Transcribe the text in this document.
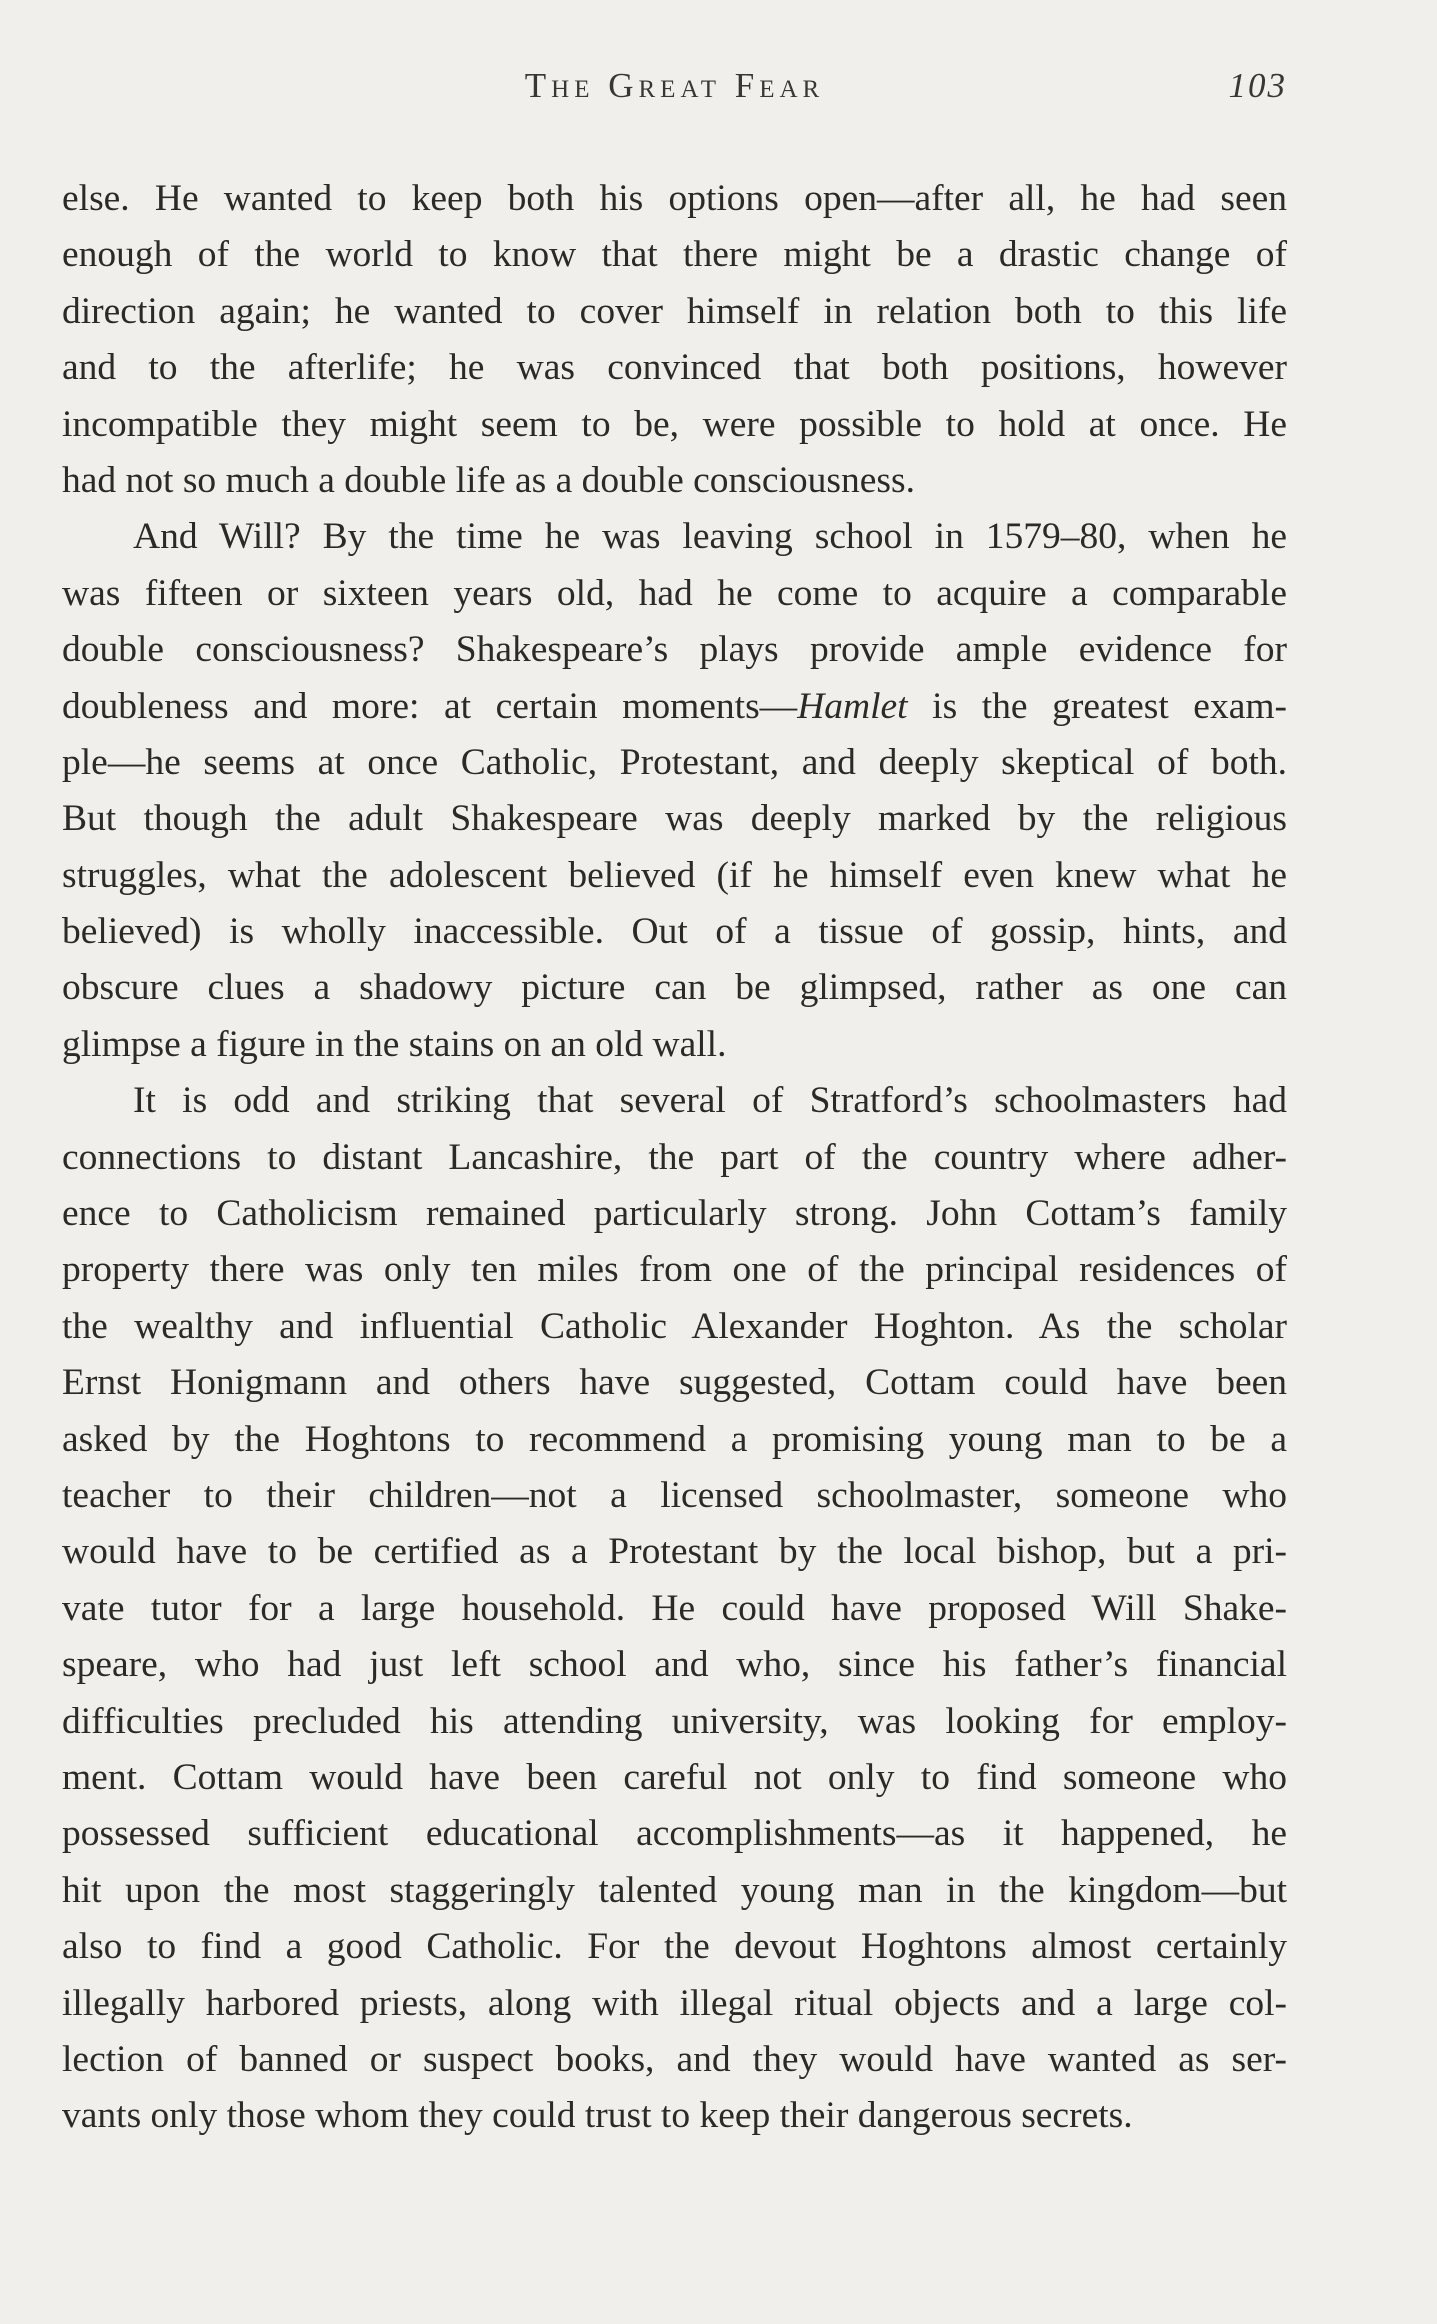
The Great Fear	103
else. He wanted to keep both his options open—after all, he had seen
enough of the world to know that there might be a drastic change of
direction again; he wanted to cover himself in relation both to this life
and to the afterlife; he was convinced that both positions, however
incompatible they might seem to be, were possible to hold at once. He
had not so much a double life as a double consciousness.
And Will? By the time he was leaving school in 1579–80, when he
was fifteen or sixteen years old, had he come to acquire a comparable
double consciousness? Shakespeare’s plays provide ample evidence for
doubleness and more: at certain moments—Hamlet is the greatest exam-
ple—he seems at once Catholic, Protestant, and deeply skeptical of both.
But though the adult Shakespeare was deeply marked by the religious
struggles, what the adolescent believed (if he himself even knew what he
believed) is wholly inaccessible. Out of a tissue of gossip, hints, and
obscure clues a shadowy picture can be glimpsed, rather as one can
glimpse a figure in the stains on an old wall.
It is odd and striking that several of Stratford’s schoolmasters had
connections to distant Lancashire, the part of the country where adher-
ence to Catholicism remained particularly strong. John Cottam’s family
property there was only ten miles from one of the principal residences of
the wealthy and influential Catholic Alexander Hoghton. As the scholar
Ernst Honigmann and others have suggested, Cottam could have been
asked by the Hoghtons to recommend a promising young man to be a
teacher to their children—not a licensed schoolmaster, someone who
would have to be certified as a Protestant by the local bishop, but a pri-
vate tutor for a large household. He could have proposed Will Shake-
speare, who had just left school and who, since his father’s financial
difficulties precluded his attending university, was looking for employ-
ment. Cottam would have been careful not only to find someone who
possessed sufficient educational accomplishments—as it happened, he
hit upon the most staggeringly talented young man in the kingdom—but
also to find a good Catholic. For the devout Hoghtons almost certainly
illegally harbored priests, along with illegal ritual objects and a large col-
lection of banned or suspect books, and they would have wanted as ser-
vants only those whom they could trust to keep their dangerous secrets.
